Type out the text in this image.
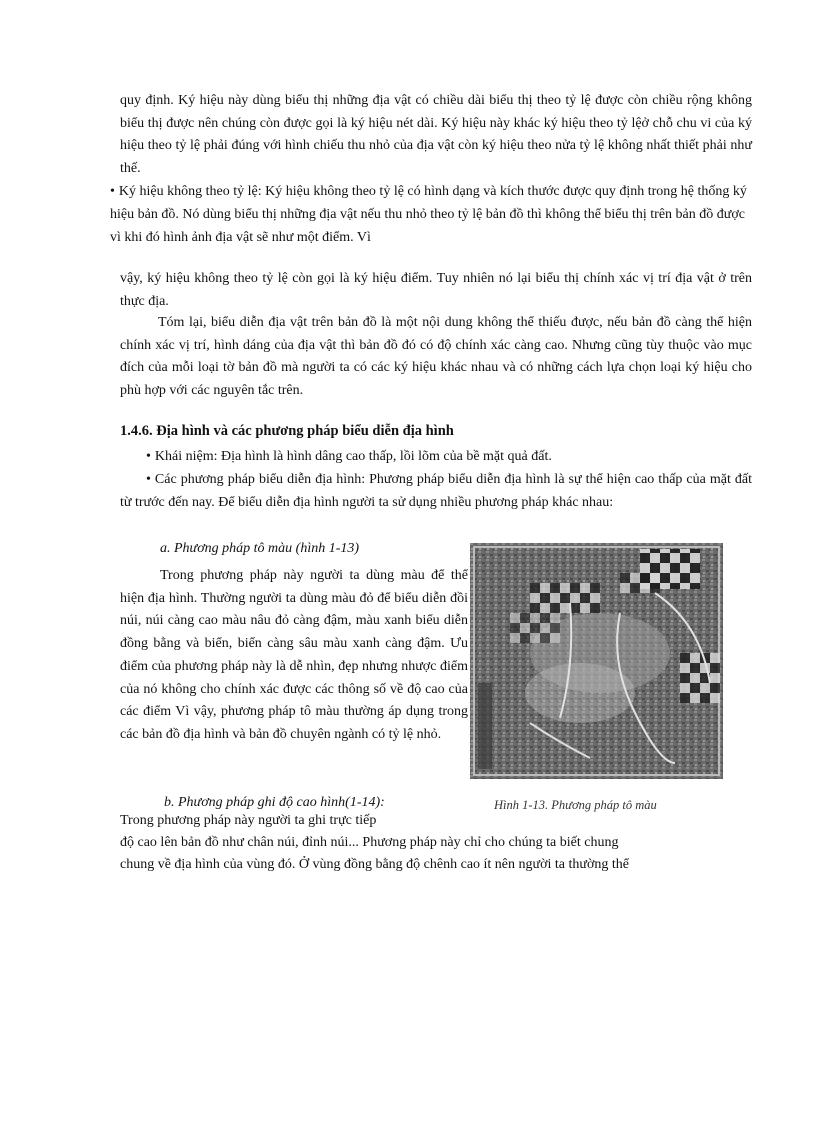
quy định. Ký hiệu này dùng biểu thị những địa vật có chiều dài biểu thị theo tỷ lệ được còn chiều rộng không biểu thị được nên chúng còn được gọi là ký hiệu nét dài. Ký hiệu này khác ký hiệu theo tỷ lệở chỗ chu vi của ký hiệu theo tỷ lệ phải đúng với hình chiếu thu nhỏ của địa vật còn ký hiệu theo nửa tỷ lệ không nhất thiết phải như thế.

• Ký hiệu không theo tỷ lệ: Ký hiệu không theo tỷ lệ có hình dạng và kích thước được quy định trong hệ thống ký hiệu bản đồ. Nó dùng biểu thị những địa vật nếu thu nhỏ theo tỷ lệ bản đồ thì không thể biểu thị trên bản đồ được vì khi đó hình ảnh địa vật sẽ như một điểm. Vì

vậy, ký hiệu không theo tỷ lệ còn gọi là ký hiệu điểm. Tuy nhiên nó lại biểu thị chính xác vị trí địa vật ở trên thực địa.

Tóm lại, biểu diễn địa vật trên bản đồ là một nội dung không thể thiếu được, nếu bản đồ càng thể hiện chính xác vị trí, hình dáng của địa vật thì bản đồ đó có độ chính xác càng cao. Nhưng cũng tùy thuộc vào mục đích của mỗi loại tờ bản đồ mà người ta có các ký hiệu khác nhau và có những cách lựa chọn loại ký hiệu cho phù hợp với các nguyên tắc trên.

1.4.6. Địa hình và các phương pháp biểu diễn địa hình

• Khái niệm: Địa hình là hình dâng cao thấp, lồi lõm của bề mặt quả đất.

• Các phương pháp biểu diễn địa hình: Phương pháp biểu diễn địa hình là sự thể hiện cao thấp của mặt đất từ trước đến nay. Để biểu diễn địa hình người ta sử dụng nhiều phương pháp khác nhau:

a. Phương pháp tô màu (hình 1-13)

Trong phương pháp này người ta dùng màu để thể hiện địa hình. Thường người ta dùng màu đỏ để biểu diễn đồi núi, núi càng cao màu nâu đỏ càng đậm, màu xanh biểu diễn đồng bằng và biển, biển càng sâu màu xanh càng đậm. Ưu điểm của phương pháp này là dễ nhìn, đẹp nhưng nhược điểm của nó không cho chính xác được các thông số về độ cao của các điểm Vì vậy, phương pháp tô màu thường áp dụng trong các bản đồ địa hình và bản đồ chuyên ngành có tỷ lệ nhỏ.

Hình 1-13. Phương pháp tô màu

b. Phương pháp ghi độ cao hình(1-14):

Trong phương pháp này người ta ghi trực tiếp

độ cao lên bản đồ như chân núi, đỉnh núi... Phương pháp này chỉ cho chúng ta biết chung

chung về địa hình của vùng đó. Ở vùng đồng bằng độ chênh cao ít nên người ta thường thể
